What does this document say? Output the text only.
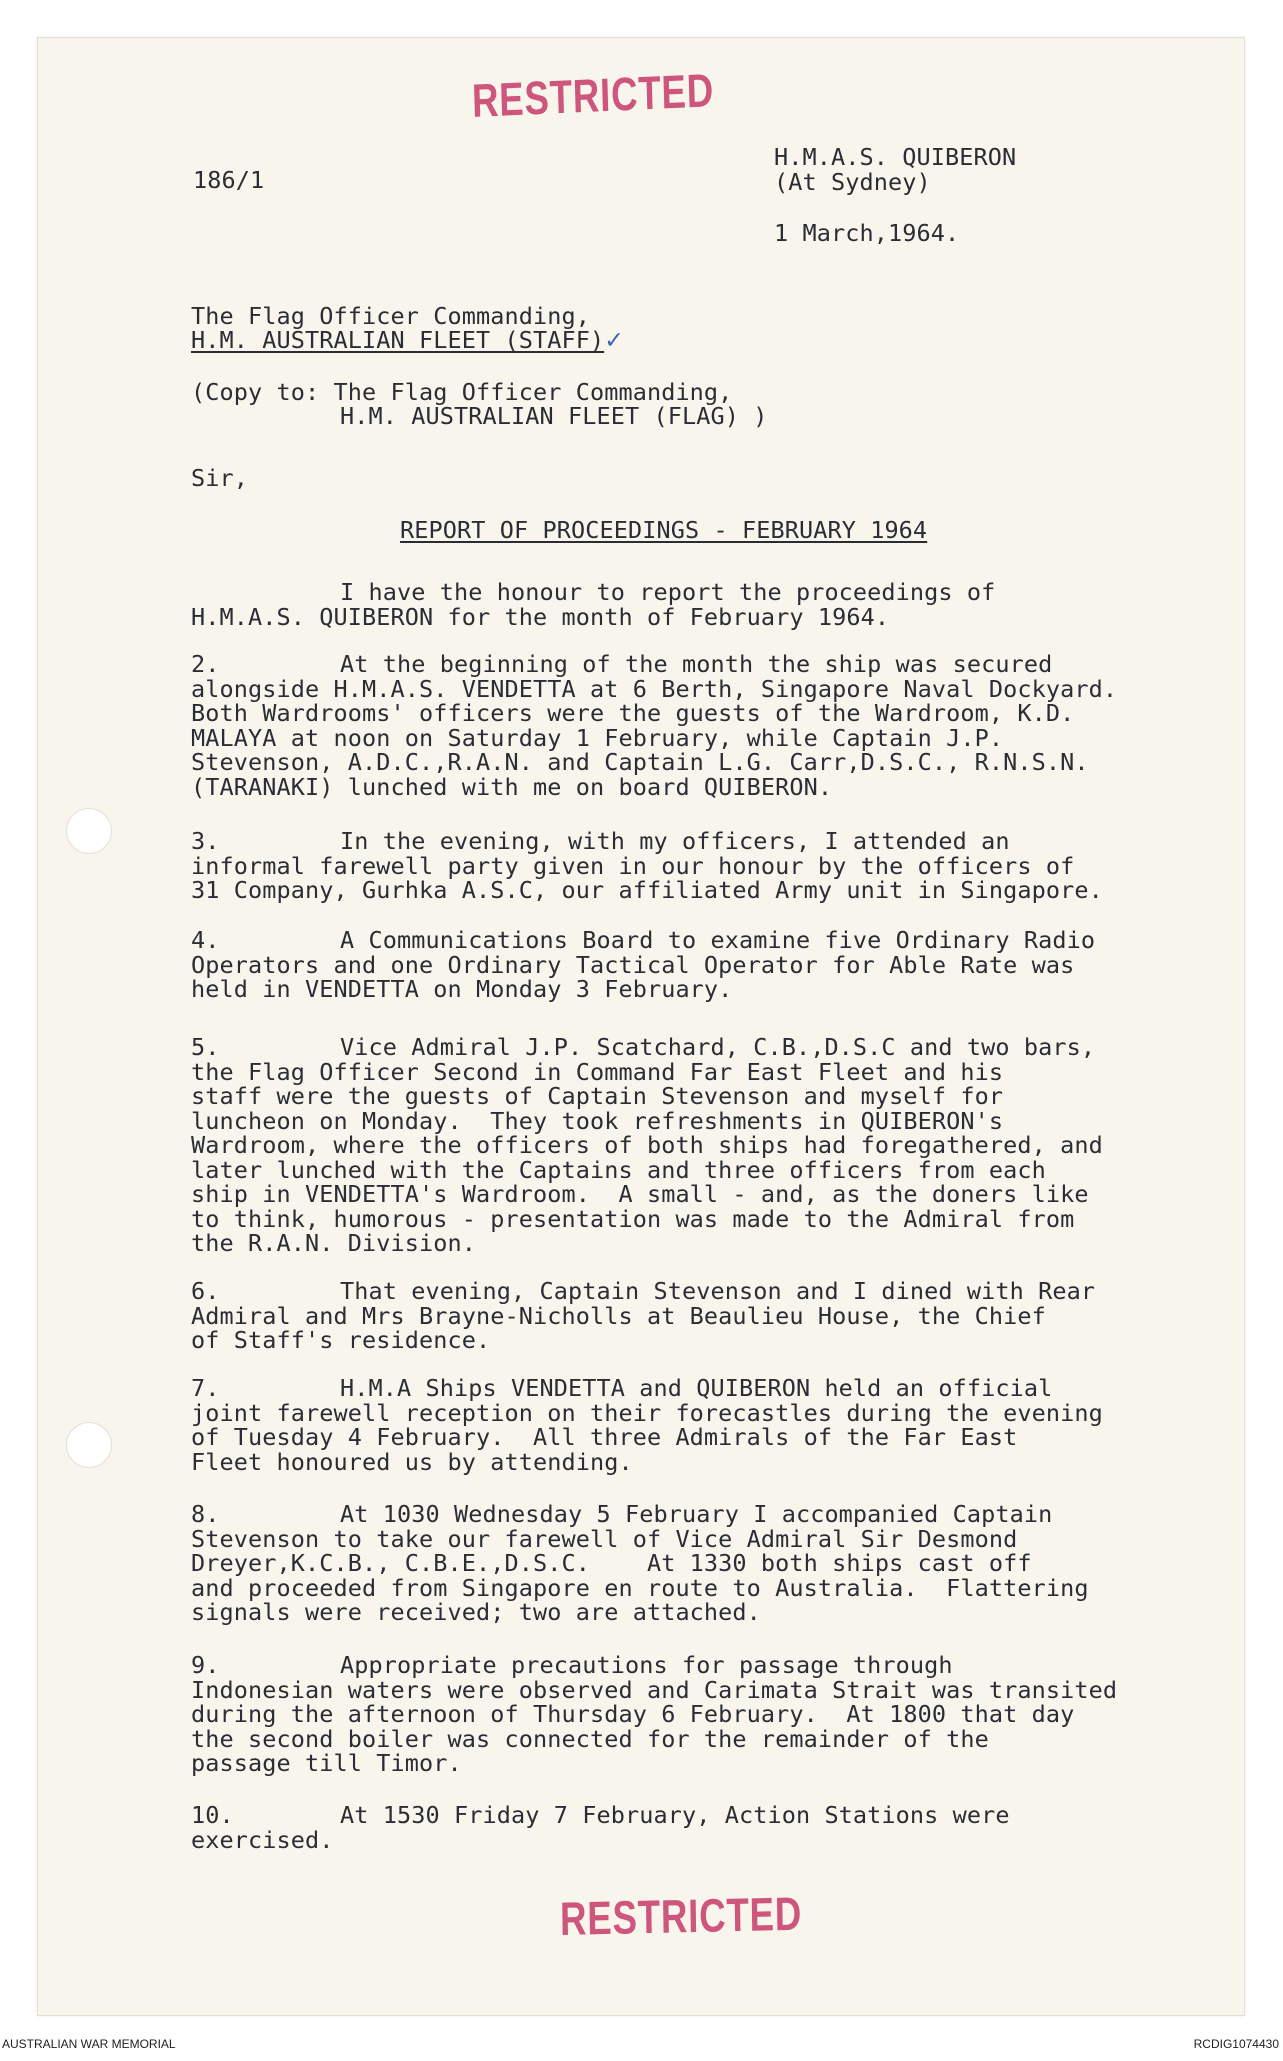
RESTRICTED
RESTRICTED
186/1
H.M.A.S. QUIBERON
(At Sydney)
1 March,1964.
The Flag Officer Commanding,
H.M. AUSTRALIAN FLEET (STAFF)✓
(Copy to: The Flag Officer Commanding,
H.M. AUSTRALIAN FLEET (FLAG) )
Sir,
REPORT OF PROCEEDINGS - FEBRUARY 1964
I have the honour to report the proceedings of
H.M.A.S. QUIBERON for the month of February 1964.
2.	At the beginning of the month the ship was secured
alongside H.M.A.S. VENDETTA at 6 Berth, Singapore Naval Dockyard.
Both Wardrooms' officers were the guests of the Wardroom, K.D.
MALAYA at noon on Saturday 1 February, while Captain J.P.
Stevenson, A.D.C.,R.A.N. and Captain L.G. Carr,D.S.C., R.N.S.N.
(TARANAKI) lunched with me on board QUIBERON.
3.	In the evening, with my officers, I attended an
informal farewell party given in our honour by the officers of
31 Company, Gurhka A.S.C, our affiliated Army unit in Singapore.
4.	A Communications Board to examine five Ordinary Radio
Operators and one Ordinary Tactical Operator for Able Rate was
held in VENDETTA on Monday 3 February.
5.	Vice Admiral J.P. Scatchard, C.B.,D.S.C and two bars,
the Flag Officer Second in Command Far East Fleet and his
staff were the guests of Captain Stevenson and myself for
luncheon on Monday.  They took refreshments in QUIBERON's
Wardroom, where the officers of both ships had foregathered, and
later lunched with the Captains and three officers from each
ship in VENDETTA's Wardroom.  A small - and, as the doners like
to think, humorous - presentation was made to the Admiral from
the R.A.N. Division.
6.	That evening, Captain Stevenson and I dined with Rear
Admiral and Mrs Brayne-Nicholls at Beaulieu House, the Chief
of Staff's residence.
7.	H.M.A Ships VENDETTA and QUIBERON held an official
joint farewell reception on their forecastles during the evening
of Tuesday 4 February.  All three Admirals of the Far East
Fleet honoured us by attending.
8.	At 1030 Wednesday 5 February I accompanied Captain
Stevenson to take our farewell of Vice Admiral Sir Desmond
Dreyer,K.C.B., C.B.E.,D.S.C.    At 1330 both ships cast off
and proceeded from Singapore en route to Australia.  Flattering
signals were received; two are attached.
9.	Appropriate precautions for passage through
Indonesian waters were observed and Carimata Strait was transited
during the afternoon of Thursday 6 February.  At 1800 that day
the second boiler was connected for the remainder of the
passage till Timor.
10.	At 1530 Friday 7 February, Action Stations were
exercised.
AUSTRALIAN WAR MEMORIAL	RCDIG1074430
